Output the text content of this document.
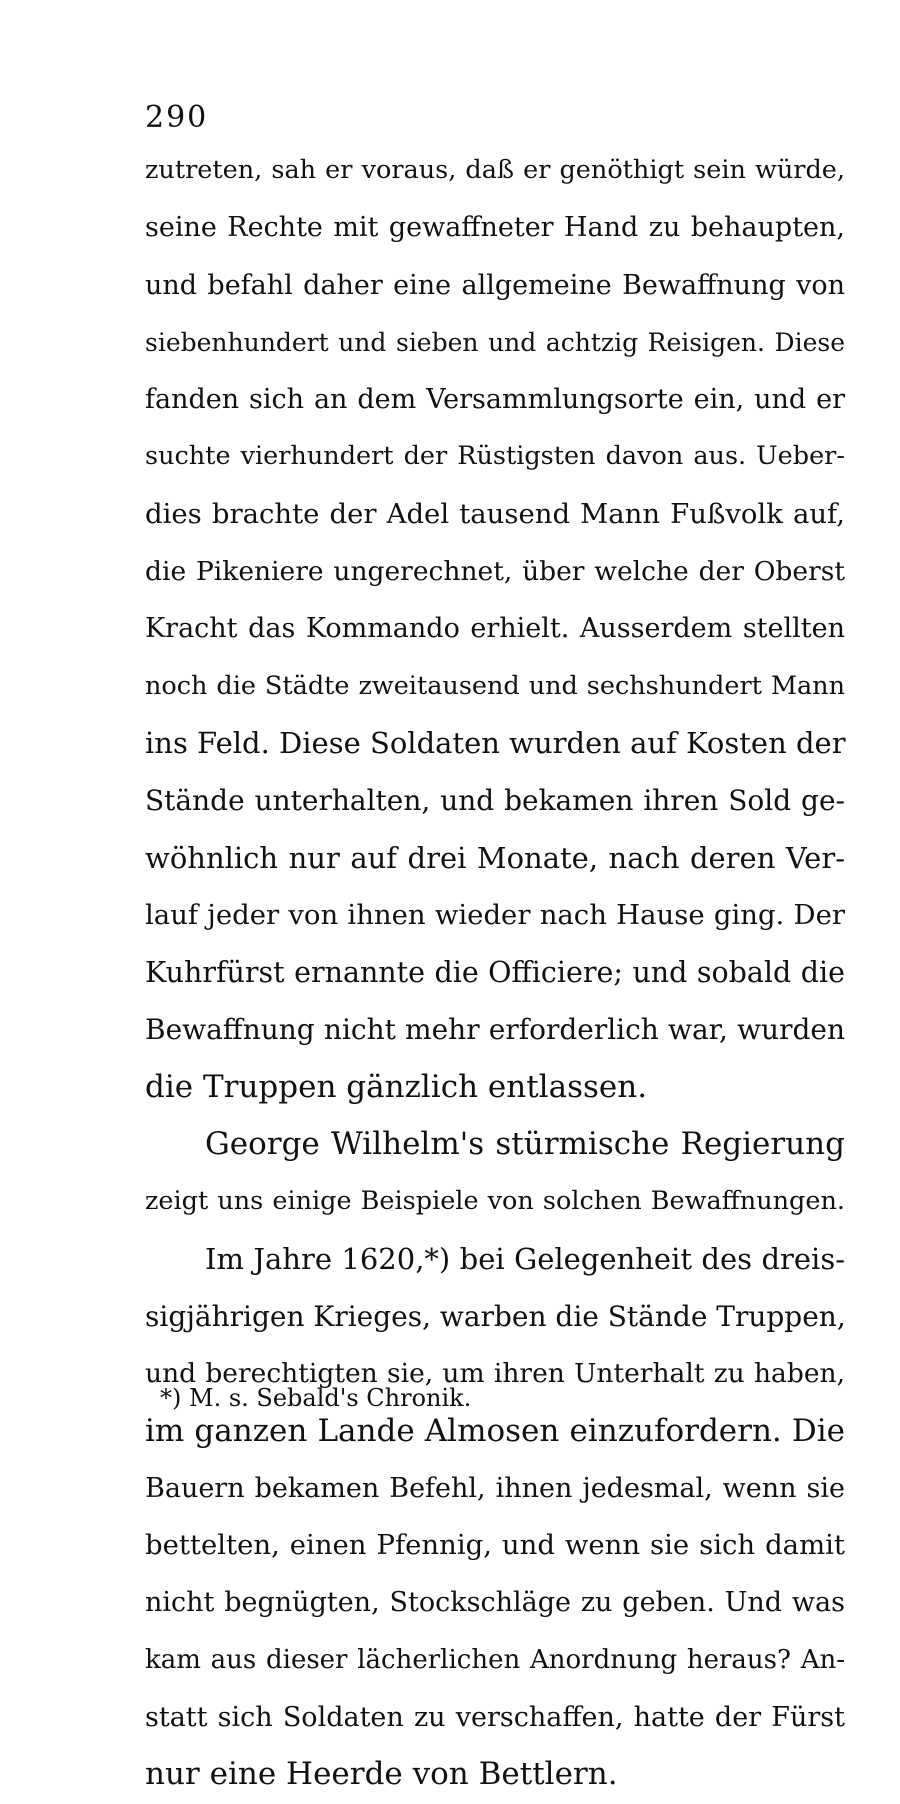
290
zutreten, sah er voraus, daß er genöthigt sein würde,
seine Rechte mit gewaffneter Hand zu behaupten,
und befahl daher eine allgemeine Bewaffnung von
siebenhundert und sieben und achtzig Reisigen. Diese
fanden sich an dem Versammlungsorte ein, und er
suchte vierhundert der Rüstigsten davon aus. Ueber-
dies brachte der Adel tausend Mann Fußvolk auf,
die Pikeniere ungerechnet, über welche der Oberst
Kracht das Kommando erhielt. Ausserdem stellten
noch die Städte zweitausend und sechshundert Mann
ins Feld. Diese Soldaten wurden auf Kosten der
Stände unterhalten, und bekamen ihren Sold ge-
wöhnlich nur auf drei Monate, nach deren Ver-
lauf jeder von ihnen wieder nach Hause ging. Der
Kuhrfürst ernannte die Officiere; und sobald die
Bewaffnung nicht mehr erforderlich war, wurden
die Truppen gänzlich entlassen.
George Wilhelm's stürmische Regierung
zeigt uns einige Beispiele von solchen Bewaffnungen.
Im Jahre 1620,*) bei Gelegenheit des dreis-
sigjährigen Krieges, warben die Stände Truppen,
und berechtigten sie, um ihren Unterhalt zu haben,
im ganzen Lande Almosen einzufordern. Die
Bauern bekamen Befehl, ihnen jedesmal, wenn sie
bettelten, einen Pfennig, und wenn sie sich damit
nicht begnügten, Stockschläge zu geben. Und was
kam aus dieser lächerlichen Anordnung heraus? An-
statt sich Soldaten zu verschaffen, hatte der Fürst
nur eine Heerde von Bettlern.
*) M. s. Sebald's Chronik.
